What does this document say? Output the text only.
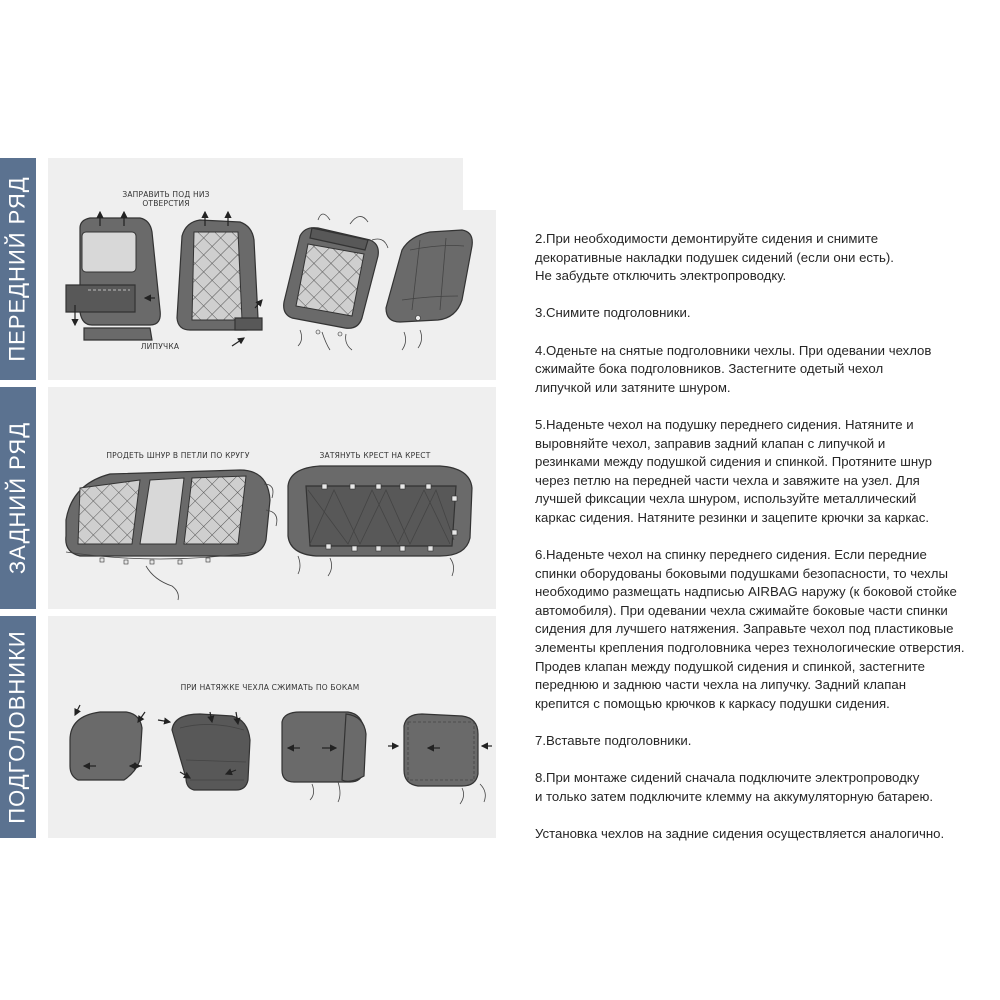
ПЕРЕДНИЙ РЯД
ЗАДНИЙ РЯД
ПОДГОЛОВНИКИ
ЗАПРАВИТЬ ПОД НИЗ
ОТВЕРСТИЯ
ЛИПУЧКА
ПРОДЕТЬ ШНУР В ПЕТЛИ ПО КРУГУ	ЗАТЯНУТЬ КРЕСТ НА КРЕСТ
ПРИ НАТЯЖКЕ ЧЕХЛА СЖИМАТЬ ПО БОКАМ

2.При необходимости демонтируйте сидения и снимите
декоративные накладки подушек сидений (если они есть).
Не забудьте отключить электропроводку.

3.Снимите подголовники.

4.Оденьте на снятые подголовники чехлы. При одевании чехлов
сжимайте бока подголовников. Застегните одетый чехол
липучкой или затяните шнуром.

5.Наденьте чехол на подушку переднего сидения. Натяните и
выровняйте чехол, заправив задний клапан с липучкой и
резинками между подушкой сидения и спинкой. Протяните шнур
через петлю на передней части чехла и завяжите на узел. Для
лучшей фиксации чехла шнуром, используйте металлический
каркас сидения. Натяните резинки и зацепите крючки за каркас.

6.Наденьте чехол на спинку переднего сидения. Если передние
спинки оборудованы боковыми подушками безопасности, то чехлы
необходимо размещать надписью AIRBAG наружу (к боковой стойке
автомобиля). При одевании чехла сжимайте боковые части спинки
сидения для лучшего натяжения. Заправьте чехол под пластиковые
элементы крепления подголовника через технологические отверстия.
Продев клапан между подушкой сидения и спинкой, застегните
переднюю и заднюю части чехла на липучку. Задний клапан
крепится с помощью крючков к каркасу подушки сидения.

7.Вставьте подголовники.

8.При монтаже сидений сначала подключите электропроводку
и только затем подключите клемму на аккумуляторную батарею.

Установка чехлов на задние сидения осуществляется аналогично.
